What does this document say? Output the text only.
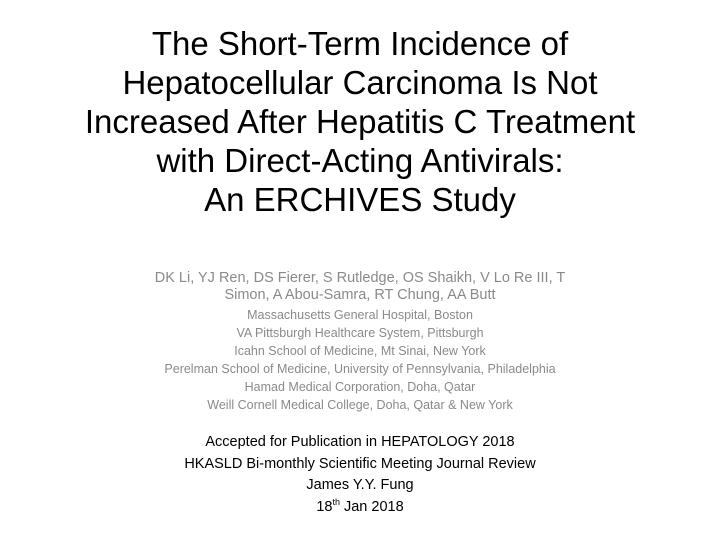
The Short-Term Incidence of
Hepatocellular Carcinoma Is Not
Increased After Hepatitis C Treatment
with Direct-Acting Antivirals:
An ERCHIVES Study
DK Li, YJ Ren, DS Fierer, S Rutledge, OS Shaikh, V Lo Re III, T
Simon, A Abou-Samra, RT Chung, AA Butt
Massachusetts General Hospital, Boston
VA Pittsburgh Healthcare System, Pittsburgh
Icahn School of Medicine, Mt Sinai, New York
Perelman School of Medicine, University of Pennsylvania, Philadelphia
Hamad Medical Corporation, Doha, Qatar
Weill Cornell Medical College, Doha, Qatar & New York
Accepted for Publication in HEPATOLOGY 2018
HKASLD Bi-monthly Scientific Meeting Journal Review
James Y.Y. Fung
18th Jan 2018
